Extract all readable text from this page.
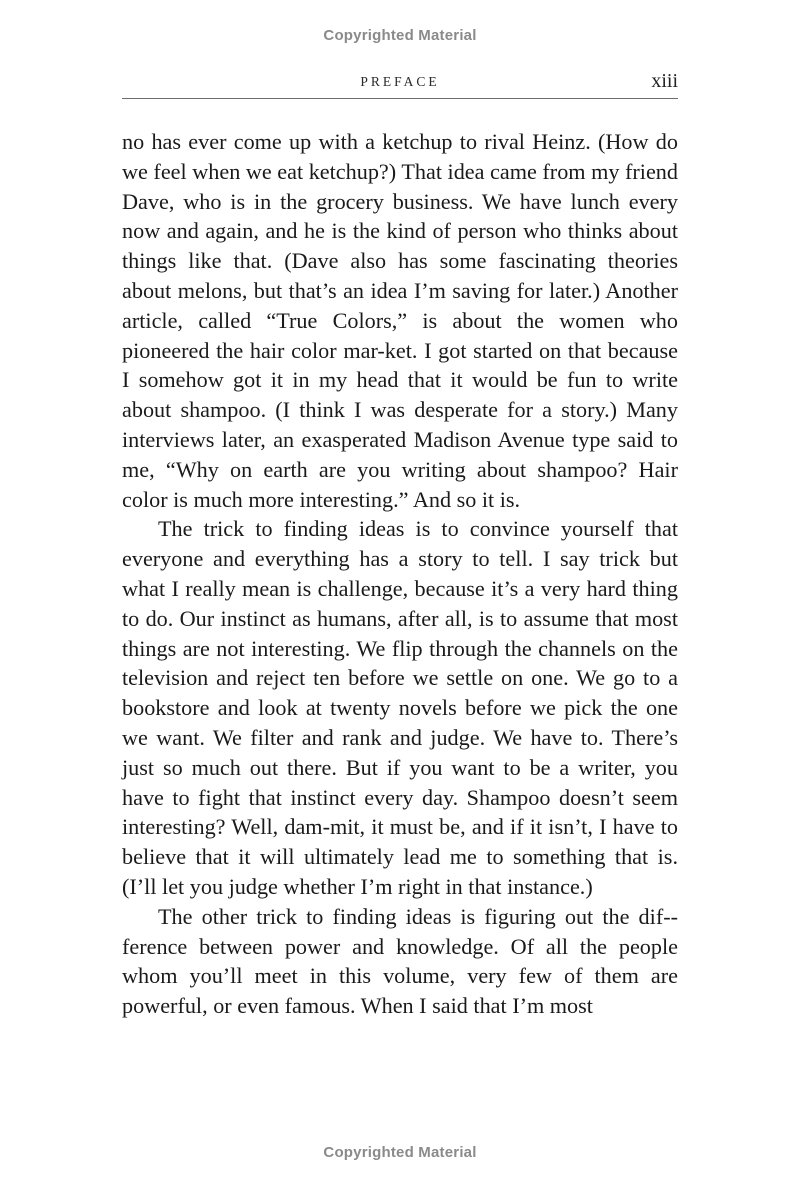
Copyrighted Material
PREFACE	xiii

no has ever come up with a ketchup to rival Heinz. (How do we feel when we eat ketchup?) That idea came from my friend Dave, who is in the grocery business. We have lunch every now and again, and he is the kind of person who thinks about things like that. (Dave also has some fascinating theories about melons, but that’s an idea I’m saving for later.) Another article, called “True Colors,” is about the women who pioneered the hair color mar-ket. I got started on that because I somehow got it in my head that it would be fun to write about shampoo. (I think I was desperate for a story.) Many interviews later, an exasperated Madison Avenue type said to me, “Why on earth are you writing about shampoo? Hair color is much more interesting.” And so it is.

The trick to finding ideas is to convince yourself that everyone and everything has a story to tell. I say trick but what I really mean is challenge, because it’s a very hard thing to do. Our instinct as humans, after all, is to assume that most things are not interesting. We flip through the channels on the television and reject ten before we settle on one. We go to a bookstore and look at twenty novels before we pick the one we want. We filter and rank and judge. We have to. There’s just so much out there. But if you want to be a writer, you have to fight that instinct every day. Shampoo doesn’t seem interesting? Well, dam-mit, it must be, and if it isn’t, I have to believe that it will ultimately lead me to something that is. (I’ll let you judge whether I’m right in that instance.)

The other trick to finding ideas is figuring out the dif-ference between power and knowledge. Of all the people whom you’ll meet in this volume, very few of them are powerful, or even famous. When I said that I’m most

Copyrighted Material
